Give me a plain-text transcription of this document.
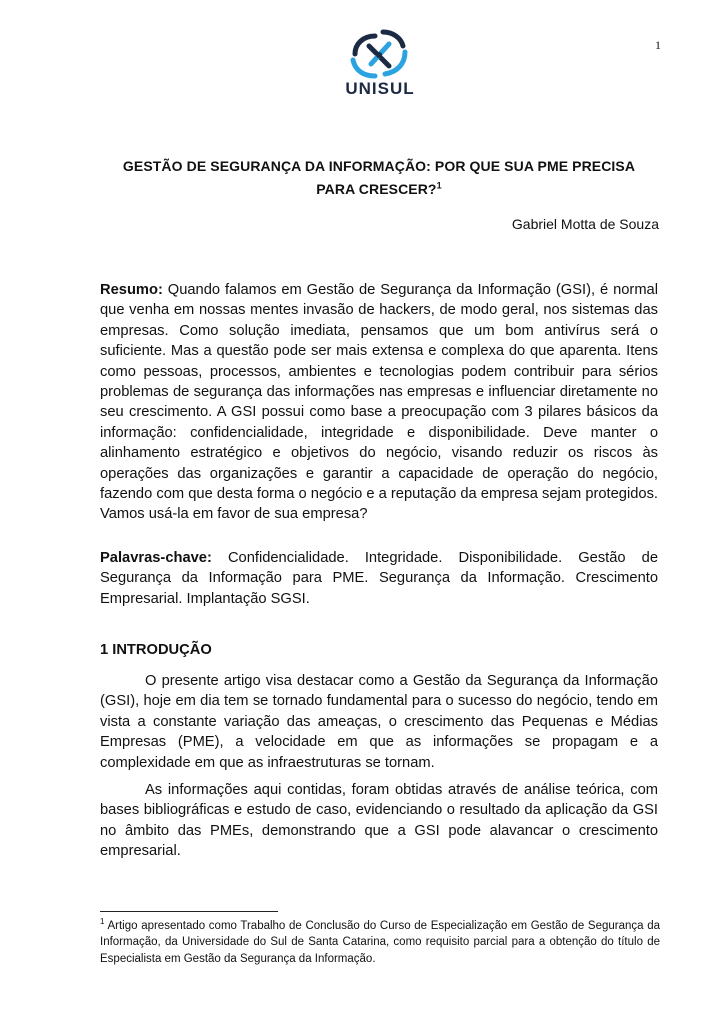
1
UNISUL
GESTÃO DE SEGURANÇA DA INFORMAÇÃO: POR QUE SUA PME PRECISA
PARA CRESCER?$^1$
Gabriel Motta de Souza
Resumo: Quando falamos em Gestão de Segurança da Informação (GSI), é normal que venha em nossas mentes invasão de hackers, de modo geral, nos sistemas das empresas. Como solução imediata, pensamos que um bom antivírus será o suficiente. Mas a questão pode ser mais extensa e complexa do que aparenta. Itens como pessoas, processos, ambientes e tecnologias podem contribuir para sérios problemas de segurança das informações nas empresas e influenciar diretamente no seu crescimento. A GSI possui como base a preocupação com 3 pilares básicos da informação: confidencialidade, integridade e disponibilidade. Deve manter o alinhamento estratégico e objetivos do negócio, visando reduzir os riscos às operações das organizações e garantir a capacidade de operação do negócio, fazendo com que desta forma o negócio e a reputação da empresa sejam protegidos. Vamos usá-la em favor de sua empresa?
Palavras-chave: Confidencialidade. Integridade. Disponibilidade. Gestão de Segurança da Informação para PME. Segurança da Informação. Crescimento Empresarial. Implantação SGSI.
1 INTRODUÇÃO
O presente artigo visa destacar como a Gestão da Segurança da Informação (GSI), hoje em dia tem se tornado fundamental para o sucesso do negócio, tendo em vista a constante variação das ameaças, o crescimento das Pequenas e Médias Empresas (PME), a velocidade em que as informações se propagam e a complexidade em que as infraestruturas se tornam.
As informações aqui contidas, foram obtidas através de análise teórica, com bases bibliográficas e estudo de caso, evidenciando o resultado da aplicação da GSI no âmbito das PMEs, demonstrando que a GSI pode alavancar o crescimento empresarial.
$^1$ Artigo apresentado como Trabalho de Conclusão do Curso de Especialização em Gestão de Segurança da Informação, da Universidade do Sul de Santa Catarina, como requisito parcial para a obtenção do título de Especialista em Gestão da Segurança da Informação.
